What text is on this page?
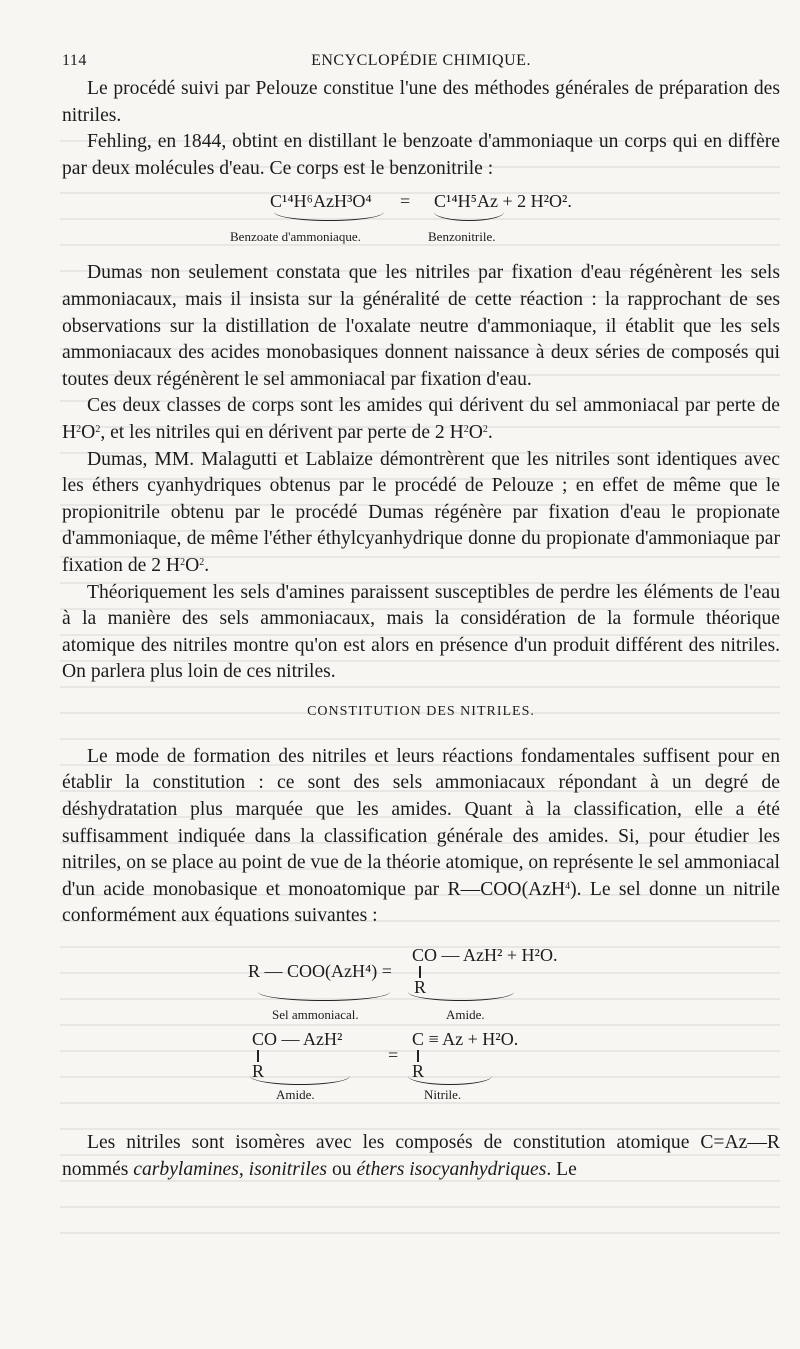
114	ENCYCLOPÉDIE CHIMIQUE.

Le procédé suivi par Pelouze constitue l'une des méthodes générales de préparation des nitriles.

Fehling, en 1844, obtint en distillant le benzoate d'ammoniaque un corps qui en diffère par deux molécules d'eau. Ce corps est le benzonitrile :

C¹⁴H⁶AzH³O⁴ = C¹⁴H⁵Az + 2 H²O².
Benzoate d'ammoniaque.	Benzonitrile.

Dumas non seulement constata que les nitriles par fixation d'eau régénèrent les sels ammoniacaux, mais il insista sur la généralité de cette réaction : la rapprochant de ses observations sur la distillation de l'oxalate neutre d'ammoniaque, il établit que les sels ammoniacaux des acides monobasiques donnent naissance à deux séries de composés qui toutes deux régénèrent le sel ammoniacal par fixation d'eau.

Ces deux classes de corps sont les amides qui dérivent du sel ammoniacal par perte de $H^2O^2$, et les nitriles qui en dérivent par perte de 2 $H^2O^2$.

Dumas, MM. Malagutti et Lablaize démontrèrent que les nitriles sont identiques avec les éthers cyanhydriques obtenus par le procédé de Pelouze ; en effet de même que le propionitrile obtenu par le procédé Dumas régénère par fixation d'eau le propionate d'ammoniaque, de même l'éther éthylcyanhydrique donne du propionate d'ammoniaque par fixation de 2 $H^2O^2$.

Théoriquement les sels d'amines paraissent susceptibles de perdre les éléments de l'eau à la manière des sels ammoniacaux, mais la considération de la formule théorique atomique des nitriles montre qu'on est alors en présence d'un produit différent des nitriles. On parlera plus loin de ces nitriles.

CONSTITUTION DES NITRILES.

Le mode de formation des nitriles et leurs réactions fondamentales suffisent pour en établir la constitution : ce sont des sels ammoniacaux répondant à un degré de déshydratation plus marquée que les amides. Quant à la classification, elle a été suffisamment indiquée dans la classification générale des amides. Si, pour étudier les nitriles, on se place au point de vue de la théorie atomique, on représente le sel ammoniacal d'un acide monobasique et monoatomique par R—COO(AzH$^4$). Le sel donne un nitrile conformément aux équations suivantes :

R — COO(AzH⁴) =
CO — AzH² + H²O.
R
Sel ammoniacal.	Amide.
CO — AzH²
R
=
C ≡ Az + H²O.
R
Amide.	Nitrile.

Les nitriles sont isomères avec les composés de constitution atomique C=Az—R nommés carbylamines, isonitriles ou éthers isocyanhydriques. Le
